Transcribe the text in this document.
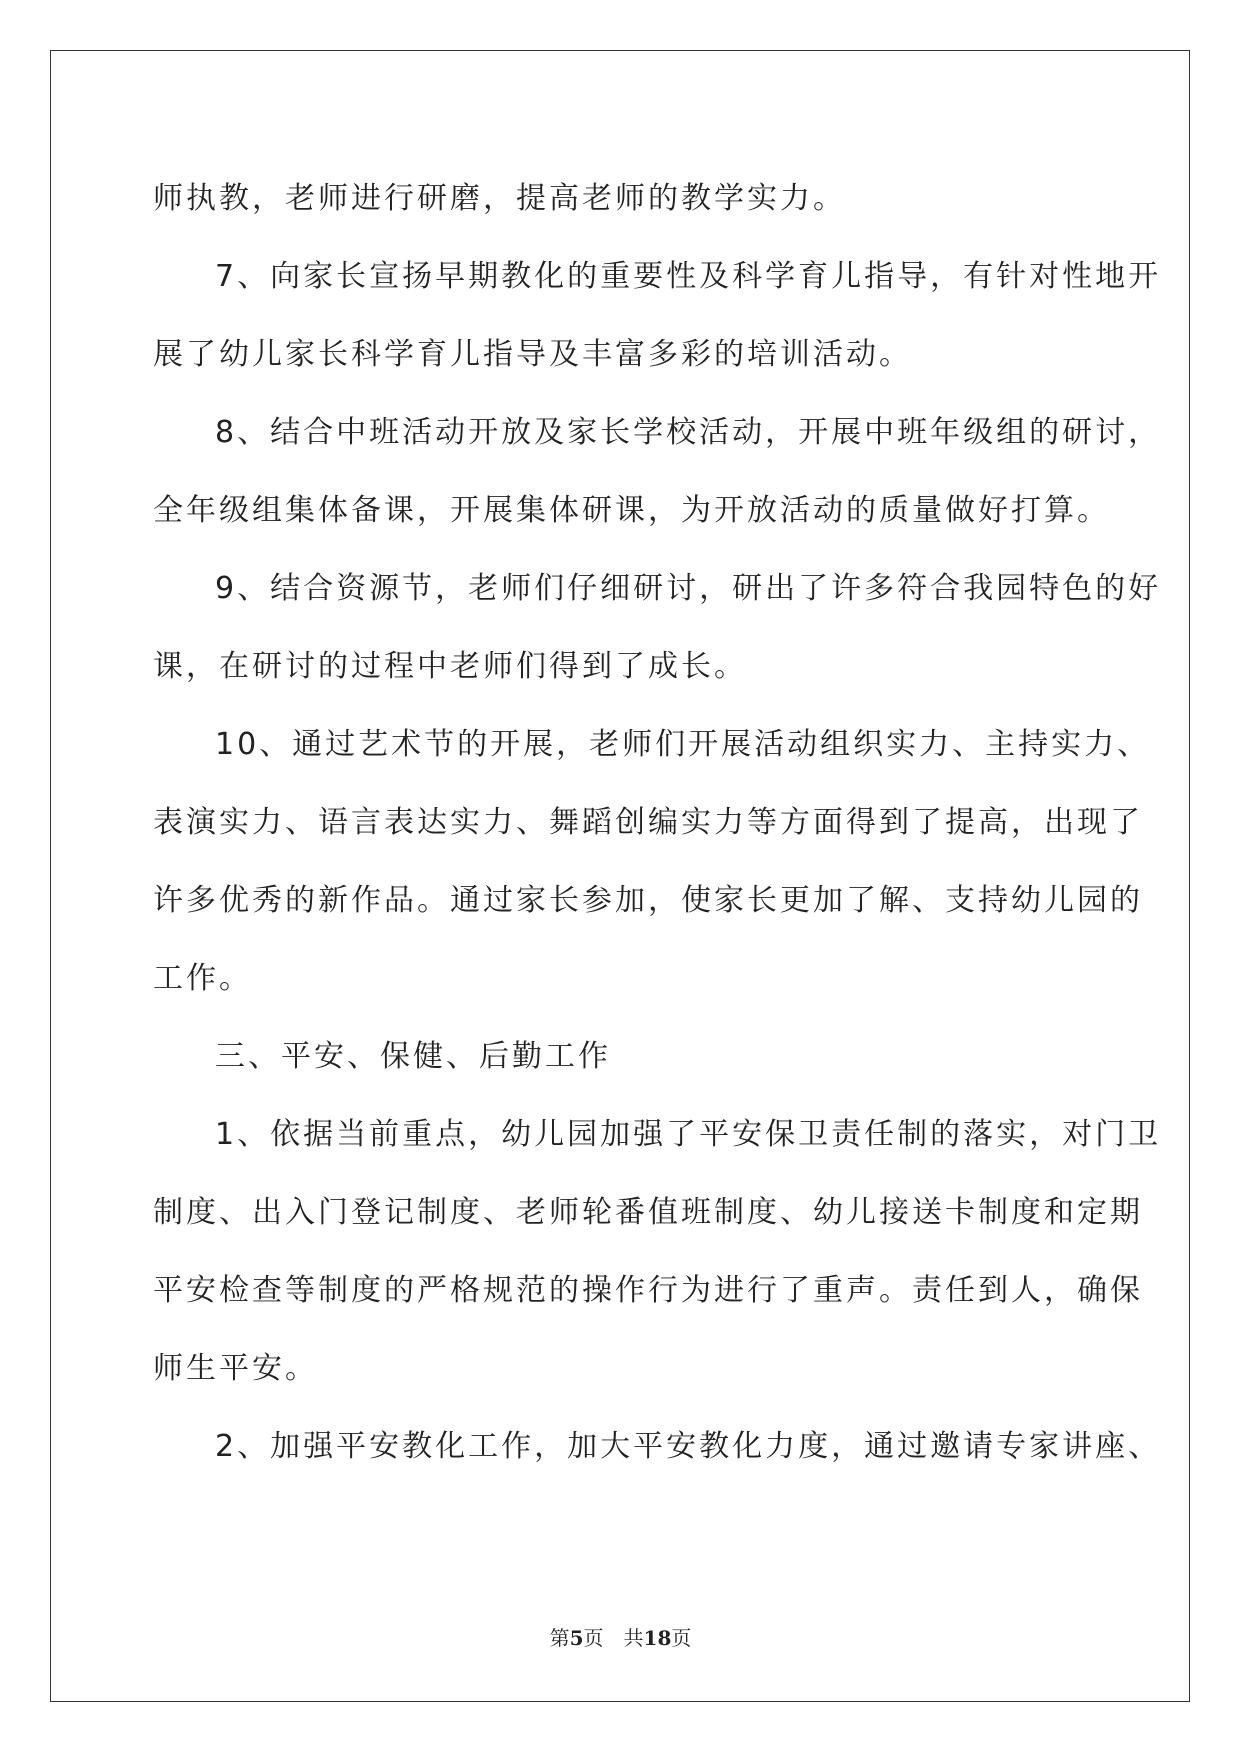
师执教，老师进行研磨，提高老师的教学实力。

7、向家长宣扬早期教化的重要性及科学育儿指导，有针对性地开

展了幼儿家长科学育儿指导及丰富多彩的培训活动。

8、结合中班活动开放及家长学校活动，开展中班年级组的研讨，

全年级组集体备课，开展集体研课，为开放活动的质量做好打算。

9、结合资源节，老师们仔细研讨，研出了许多符合我园特色的好

课，在研讨的过程中老师们得到了成长。

10、通过艺术节的开展，老师们开展活动组织实力、主持实力、

表演实力、语言表达实力、舞蹈创编实力等方面得到了提高，出现了

许多优秀的新作品。通过家长参加，使家长更加了解、支持幼儿园的

工作。

三、平安、保健、后勤工作

1、依据当前重点，幼儿园加强了平安保卫责任制的落实，对门卫

制度、出入门登记制度、老师轮番值班制度、幼儿接送卡制度和定期

平安检查等制度的严格规范的操作行为进行了重声。责任到人，确保

师生平安。

2、加强平安教化工作，加大平安教化力度，通过邀请专家讲座、

第5页　共18页
